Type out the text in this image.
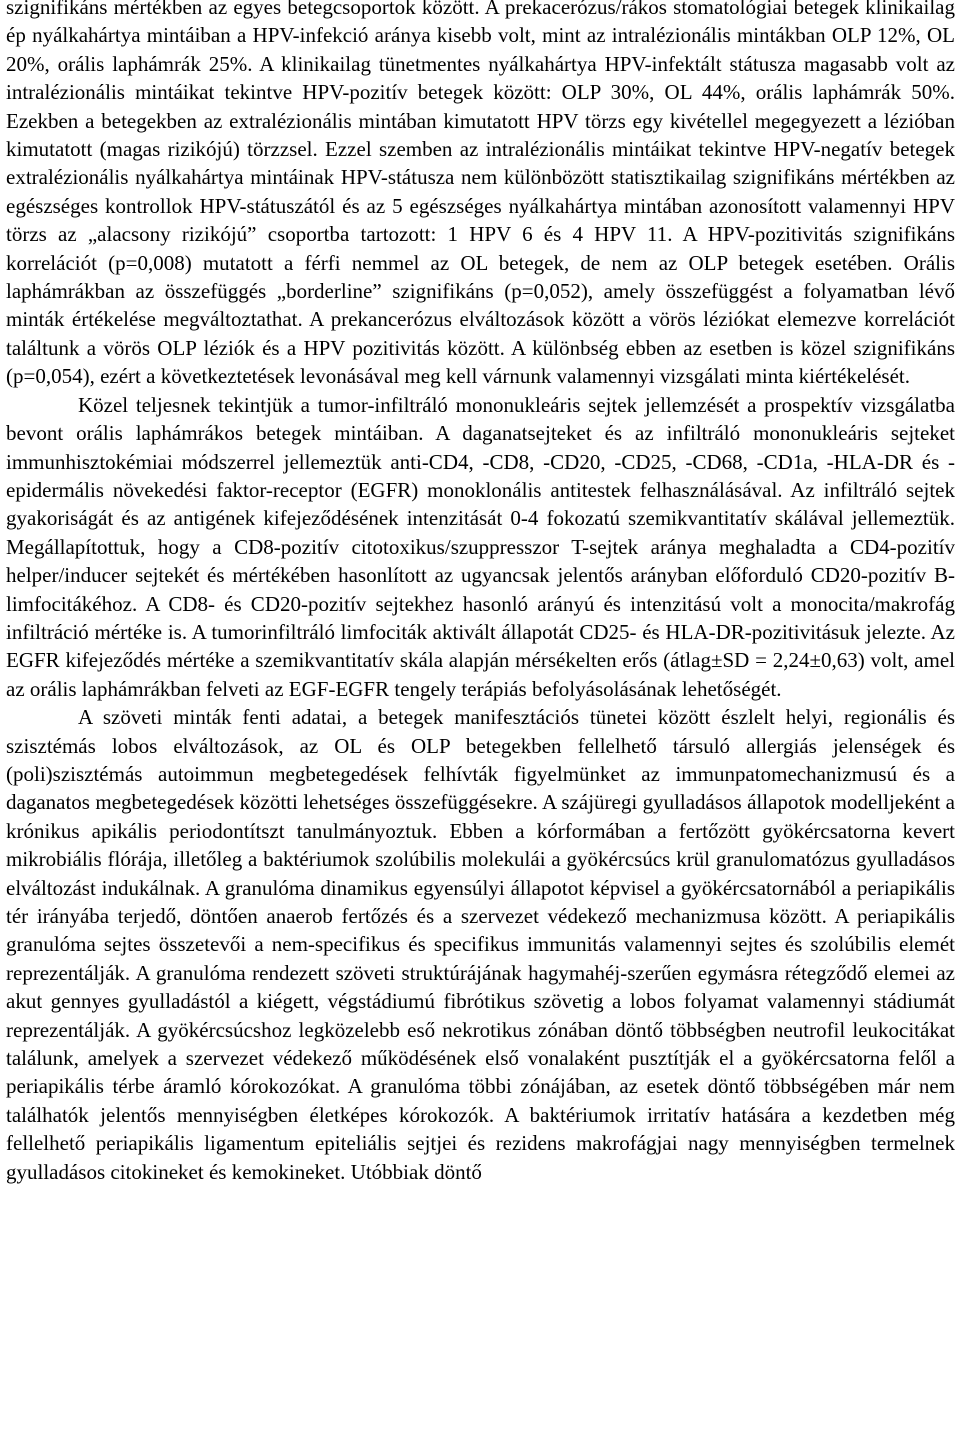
szignifikáns mértékben az egyes betegcsoportok között. A prekacerózus/rákos stomatológiai betegek klinikailag ép nyálkahártya mintáiban a HPV-infekció aránya kisebb volt, mint az intralézionális mintákban OLP 12%, OL 20%, orális laphámrák 25%. A klinikailag tünetmentes nyálkahártya HPV-infektált státusza magasabb volt az intralézionális mintáikat tekintve HPV-pozitív betegek között: OLP 30%, OL 44%, orális laphámrák 50%. Ezekben a betegekben az extralézionális mintában kimutatott HPV törzs egy kivétellel megegyezett a lézióban kimutatott (magas rizikójú) törzzsel. Ezzel szemben az intralézionális mintáikat tekintve HPV-negatív betegek extralézionális nyálkahártya mintáinak HPV-státusza nem különbözött statisztikailag szignifikáns mértékben az egészséges kontrollok HPV-státuszától és az 5 egészséges nyálkahártya mintában azonosított valamennyi HPV törzs az „alacsony rizikójú” csoportba tartozott: 1 HPV 6 és 4 HPV 11. A HPV-pozitivitás szignifikáns korrelációt (p=0,008) mutatott a férfi nemmel az OL betegek, de nem az OLP betegek esetében. Orális laphámrákban az összefüggés „borderline” szignifikáns (p=0,052), amely összefüggést a folyamatban lévő minták értékelése megváltoztathat. A prekancerózus elváltozások között a vörös léziókat elemezve korrelációt találtunk a vörös OLP léziók és a HPV pozitivitás között. A különbség ebben az esetben is közel szignifikáns (p=0,054), ezért a következtetések levonásával meg kell várnunk valamennyi vizsgálati minta kiértékelését.

Közel teljesnek tekintjük a tumor-infiltráló mononukleáris sejtek jellemzését a prospektív vizsgálatba bevont orális laphámrákos betegek mintáiban. A daganatsejteket és az infiltráló mononukleáris sejteket immunhisztokémiai módszerrel jellemeztük anti-CD4, -CD8, -CD20, -CD25, -CD68, -CD1a, -HLA-DR és -epidermális növekedési faktor-receptor (EGFR) monoklonális antitestek felhasználásával. Az infiltráló sejtek gyakoriságát és az antigének kifejeződésének intenzitását 0-4 fokozatú szemikvantitatív skálával jellemeztük. Megállapítottuk, hogy a CD8-pozitív citotoxikus/szuppresszor T-sejtek aránya meghaladta a CD4-pozitív helper/inducer sejtekét és mértékében hasonlított az ugyancsak jelentős arányban előforduló CD20-pozitív B-limfocitákéhoz. A CD8- és CD20-pozitív sejtekhez hasonló arányú és intenzitású volt a monocita/makrofág infiltráció mértéke is. A tumorinfiltráló limfociták aktivált állapotát CD25- és HLA-DR-pozitivitásuk jelezte. Az EGFR kifejeződés mértéke a szemikvantitatív skála alapján mérsékelten erős (átlag±SD = 2,24±0,63) volt, amel az orális laphámrákban felveti az EGF-EGFR tengely terápiás befolyásolásának lehetőségét.

A szöveti minták fenti adatai, a betegek manifesztációs tünetei között észlelt helyi, regionális és szisztémás lobos elváltozások, az OL és OLP betegekben fellelhető társuló allergiás jelenségek és (poli)szisztémás autoimmun megbetegedések felhívták figyelmünket az immunpatomechanizmusú és a daganatos megbetegedések közötti lehetséges összefüggésekre. A szájüregi gyulladásos állapotok modelljeként a krónikus apikális periodontítszt tanulmányoztuk. Ebben a kórformában a fertőzött gyökércsatorna kevert mikrobiális flórája, illetőleg a baktériumok szolúbilis molekulái a gyökércsúcs krül granulomatózus gyulladásos elváltozást indukálnak. A granulóma dinamikus egyensúlyi állapotot képvisel a gyökércsatornából a periapikális tér irányába terjedő, döntően anaerob fertőzés és a szervezet védekező mechanizmusa között. A periapikális granulóma sejtes összetevői a nem-specifikus és specifikus immunitás valamennyi sejtes és szolúbilis elemét reprezentálják. A granulóma rendezett szöveti struktúrájának hagymahéj-szerűen egymásra rétegződő elemei az akut gennyes gyulladástól a kiégett, végstádiumú fibrótikus szövetig a lobos folyamat valamennyi stádiumát reprezentálják. A gyökércsúcshoz legközelebb eső nekrotikus zónában döntő többségben neutrofil leukocitákat találunk, amelyek a szervezet védekező működésének első vonalaként pusztítják el a gyökércsatorna felől a periapikális térbe áramló kórokozókat. A granulóma többi zónájában, az esetek döntő többségében már nem találhatók jelentős mennyiségben életképes kórokozók. A baktériumok irritatív hatására a kezdetben még fellelhető periapikális ligamentum epiteliális sejtjei és rezidens makrofágjai nagy mennyiségben termelnek gyulladásos citokineket és kemokineket. Utóbbiak döntő
